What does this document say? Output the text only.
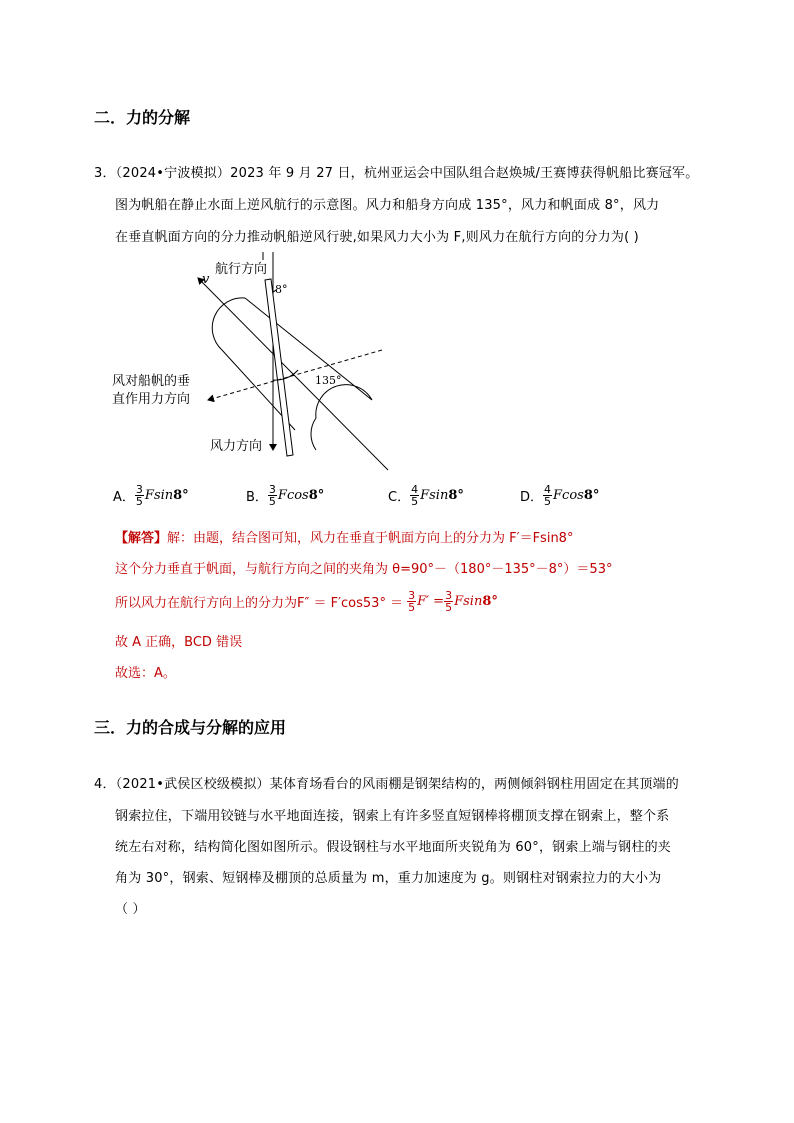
二．力的分解
3．（2024•宁波模拟）2023 年 9 月 27 日，杭州亚运会中国队组合赵焕城/王赛博获得帆船比赛冠军。
图为帆船在静止水面上逆风航行的示意图。风力和船身方向成 135°，风力和帆面成 8°，风力
在垂直帆面方向的分力推动帆船逆风行驶,如果风力大小为 F,则风力在航行方向的分力为( )
v
航行方向
8°
135°
风对船帆的垂
直作用力方向
风力方向
A． $\frac{3}{5}$ F sin 8°	B． $\frac{3}{5}$ F cos 8°	C． $\frac{4}{5}$ F sin 8°	D． $\frac{4}{5}$ F cos 8°
【解答】解：由题，结合图可知，风力在垂直于帆面方向上的分力为 F′＝Fsin8°
这个分力垂直于帆面，与航行方向之间的夹角为 θ=90°－（180°－135°－8°）＝53°
所以风力在航行方向上的分力为$F'' = F'\cos 53^\circ = \frac{3}{5} F' = \frac{3}{5}$ F sin 8°
故 A 正确，BCD 错误
故选：A。
三．力的合成与分解的应用
4．（2021•武侯区校级模拟）某体育场看台的风雨棚是钢架结构的，两侧倾斜钢柱用固定在其顶端的
钢索拉住，下端用铰链与水平地面连接，钢索上有许多竖直短钢棒将棚顶支撑在钢索上，整个系
统左右对称，结构简化图如图所示。假设钢柱与水平地面所夹锐角为 60°，钢索上端与钢柱的夹
角为 30°，钢索、短钢棒及棚顶的总质量为 m，重力加速度为 g。则钢柱对钢索拉力的大小为
（ ）
